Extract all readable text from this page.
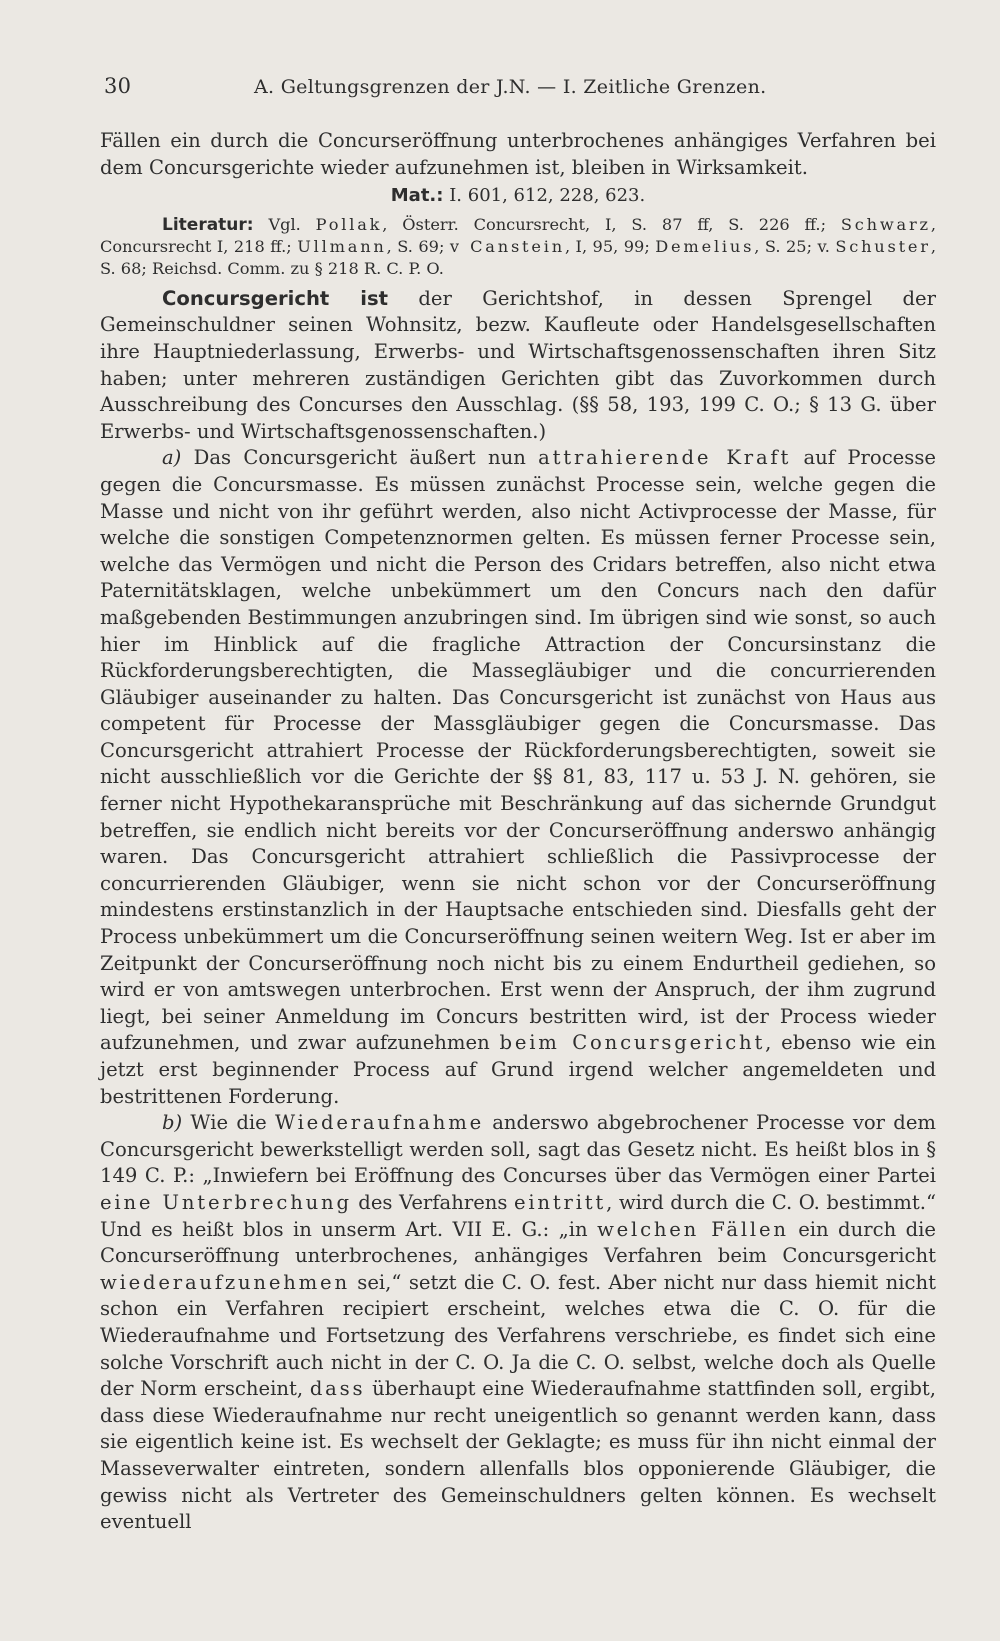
30	A. Geltungsgrenzen der J.N. — I. Zeitliche Grenzen.

Fällen ein durch die Concurseröffnung unterbrochenes anhängiges Verfahren bei dem Concursgerichte wieder aufzunehmen ist, bleiben in Wirksamkeit.

Mat.: I. 601, 612, 228, 623.

Literatur: Vgl. Pollak, Österr. Concursrecht, I, S. 87 ff, S. 226 ff.; Schwarz, Concursrecht I, 218 ff.; Ullmann, S. 69; v Canstein, I, 95, 99; Demelius, S. 25; v. Schuster, S. 68; Reichsd. Comm. zu § 218 R. C. P. O.

Concursgericht ist der Gerichtshof, in dessen Sprengel der Gemeinschuldner seinen Wohnsitz, bezw. Kaufleute oder Handelsgesellschaften ihre Hauptniederlassung, Erwerbs- und Wirtschaftsgenossenschaften ihren Sitz haben; unter mehreren zuständigen Gerichten gibt das Zuvorkommen durch Ausschreibung des Concurses den Ausschlag. (§§ 58, 193, 199 C. O.; § 13 G. über Erwerbs- und Wirtschaftsgenossenschaften.)

a) Das Concursgericht äußert nun attrahierende Kraft auf Processe gegen die Concursmasse. Es müssen zunächst Processe sein, welche gegen die Masse und nicht von ihr geführt werden, also nicht Activprocesse der Masse, für welche die sonstigen Competenznormen gelten. Es müssen ferner Processe sein, welche das Vermögen und nicht die Person des Cridars betreffen, also nicht etwa Paternitätsklagen, welche unbekümmert um den Concurs nach den dafür maßgebenden Bestimmungen anzubringen sind. Im übrigen sind wie sonst, so auch hier im Hinblick auf die fragliche Attraction der Concursinstanz die Rückforderungsberechtigten, die Massegläubiger und die concurrierenden Gläubiger auseinander zu halten. Das Concursgericht ist zunächst von Haus aus competent für Processe der Massgläubiger gegen die Concursmasse. Das Concursgericht attrahiert Processe der Rückforderungsberechtigten, soweit sie nicht ausschließlich vor die Gerichte der §§ 81, 83, 117 u. 53 J. N. gehören, sie ferner nicht Hypothekaransprüche mit Beschränkung auf das sichernde Grundgut betreffen, sie endlich nicht bereits vor der Concurseröffnung anderswo anhängig waren. Das Concursgericht attrahiert schließlich die Passivprocesse der concurrierenden Gläubiger, wenn sie nicht schon vor der Concurseröffnung mindestens erstinstanzlich in der Hauptsache entschieden sind. Diesfalls geht der Process unbekümmert um die Concurseröffnung seinen weitern Weg. Ist er aber im Zeitpunkt der Concurseröffnung noch nicht bis zu einem Endurtheil gediehen, so wird er von amtswegen unterbrochen. Erst wenn der Anspruch, der ihm zugrund liegt, bei seiner Anmeldung im Concurs bestritten wird, ist der Process wieder aufzunehmen, und zwar aufzunehmen beim Concursgericht, ebenso wie ein jetzt erst beginnender Process auf Grund irgend welcher angemeldeten und bestrittenen Forderung.

b) Wie die Wiederaufnahme anderswo abgebrochener Processe vor dem Concursgericht bewerkstelligt werden soll, sagt das Gesetz nicht. Es heißt blos in § 149 C. P.: „Inwiefern bei Eröffnung des Concurses über das Vermögen einer Partei eine Unterbrechung des Verfahrens eintritt, wird durch die C. O. bestimmt.“ Und es heißt blos in unserm Art. VII E. G.: „in welchen Fällen ein durch die Concurseröffnung unterbrochenes, anhängiges Verfahren beim Concursgericht wiederaufzunehmen sei,“ setzt die C. O. fest. Aber nicht nur dass hiemit nicht schon ein Verfahren recipiert erscheint, welches etwa die C. O. für die Wiederaufnahme und Fortsetzung des Verfahrens verschriebe, es findet sich eine solche Vorschrift auch nicht in der C. O. Ja die C. O. selbst, welche doch als Quelle der Norm erscheint, dass überhaupt eine Wiederaufnahme stattfinden soll, ergibt, dass diese Wiederaufnahme nur recht uneigentlich so genannt werden kann, dass sie eigentlich keine ist. Es wechselt der Geklagte; es muss für ihn nicht einmal der Masseverwalter eintreten, sondern allenfalls blos opponierende Gläubiger, die gewiss nicht als Vertreter des Gemeinschuldners gelten können. Es wechselt eventuell
